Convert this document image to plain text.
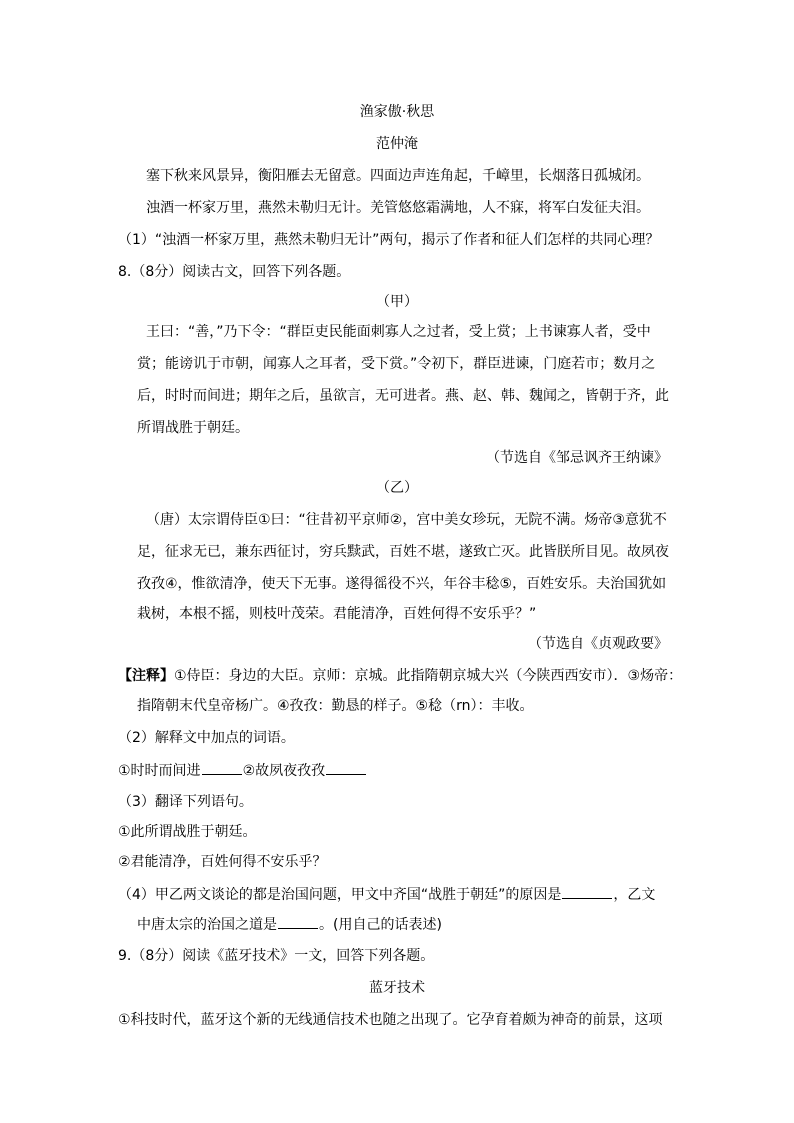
渔家傲·秋思
范仲淹
塞下秋来风景异，衡阳雁去无留意。四面边声连角起，千嶂里，长烟落日孤城闭。
浊酒一杯家万里，燕然未勒归无计。羌管悠悠霜满地，人不寐，将军白发征夫泪。
（1）“浊酒一杯家万里，燕然未勒归无计”两句，揭示了作者和征人们怎样的共同心理？
8.（8分）阅读古文，回答下列各题。
（甲）
王曰：“善，”乃下令：“群臣吏民能面刺寡人之过者，受上赏；上书谏寡人者，受中
赏；能谤讥于市朝，闻寡人之耳者，受下赏。”令初下，群臣进谏，门庭若市；数月之
后，时时而间进；期年之后，虽欲言，无可进者。燕、赵、韩、魏闻之，皆朝于齐，此
所谓战胜于朝廷。
（节选自《邹忌讽齐王纳谏》
（乙）
（唐）太宗谓侍臣①曰：“往昔初平京师②，宫中美女珍玩，无院不满。炀帝③意犹不
足，征求无已，兼东西征讨，穷兵黩武，百姓不堪，遂致亡灭。此皆朕所目见。故夙夜
孜孜④，惟欲清净，使天下无事。遂得徭役不兴，年谷丰稔⑤，百姓安乐。夫治国犹如
栽树，本根不摇，则枝叶茂荣。君能清净，百姓何得不安乐乎？”
（节选自《贞观政要》
【注释】①侍臣：身边的大臣。京师：京城。此指隋朝京城大兴（今陕西西安市）．③炀帝：
指隋朝末代皇帝杨广。④孜孜：勤恳的样子。⑤稔（rn）：丰收。
（2）解释文中加点的词语。
①时时而间进	②故夙夜孜孜
（3）翻译下列语句。
①此所谓战胜于朝廷。
②君能清净，百姓何得不安乐乎？
（4）甲乙两文谈论的都是治国问题，甲文中齐国“战胜于朝廷”的原因是	，乙文
中唐太宗的治国之道是	。(用自己的话表述)
9.（8分）阅读《蓝牙技术》一文，回答下列各题。
蓝牙技术
①科技时代，蓝牙这个新的无线通信技术也随之出现了。它孕育着颇为神奇的前景，这项
